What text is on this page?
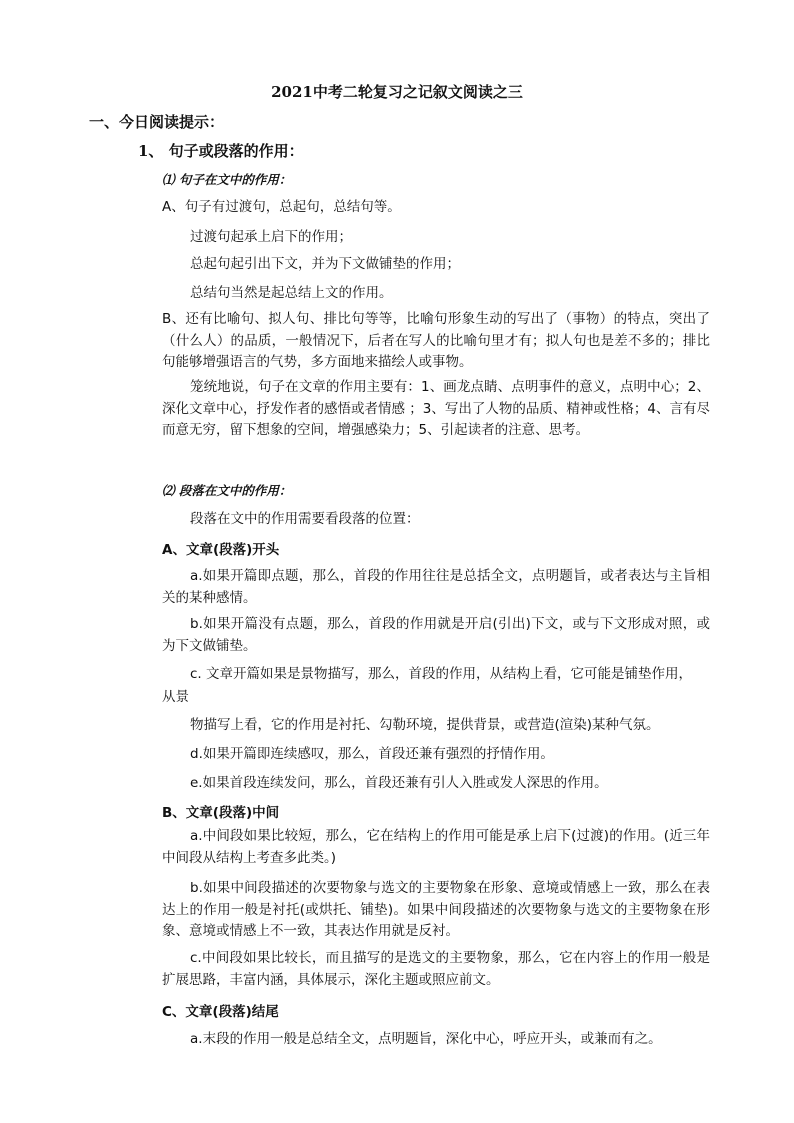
2021中考二轮复习之记叙文阅读之三
一、今日阅读提示：
1、 句子或段落的作用：
⑴ 句子在文中的作用：
A、句子有过渡句，总起句，总结句等。
过渡句起承上启下的作用；
总起句起引出下文，并为下文做铺垫的作用；
总结句当然是起总结上文的作用。
B、还有比喻句、拟人句、排比句等等，比喻句形象生动的写出了（事物）的特点，突出了（什么人）的品质，一般情况下，后者在写人的比喻句里才有；拟人句也是差不多的；排比句能够增强语言的气势，多方面地来描绘人或事物。
笼统地说，句子在文章的作用主要有：1、画龙点睛、点明事件的意义，点明中心；2、深化文章中心，抒发作者的感悟或者情感 ；3、写出了人物的品质、精神或性格；4、言有尽而意无穷，留下想象的空间，增强感染力；5、引起读者的注意、思考。
⑵ 段落在文中的作用：
段落在文中的作用需要看段落的位置：
A、文章(段落)开头
a.如果开篇即点题，那么，首段的作用往往是总括全文，点明题旨，或者表达与主旨相关的某种感情。
b.如果开篇没有点题，那么，首段的作用就是开启(引出)下文，或与下文形成对照，或为下文做铺垫。
c. 文章开篇如果是景物描写，那么，首段的作用，从结构上看，它可能是铺垫作用，
从景
物描写上看，它的作用是衬托、勾勒环境，提供背景，或营造(渲染)某种气氛。
d.如果开篇即连续感叹，那么，首段还兼有强烈的抒情作用。
e.如果首段连续发问，那么，首段还兼有引人入胜或发人深思的作用。
B、文章(段落)中间
a.中间段如果比较短，那么，它在结构上的作用可能是承上启下(过渡)的作用。(近三年中间段从结构上考查多此类。)
b.如果中间段描述的次要物象与选文的主要物象在形象、意境或情感上一致，那么在表达上的作用一般是衬托(或烘托、铺垫)。如果中间段描述的次要物象与选文的主要物象在形象、意境或情感上不一致，其表达作用就是反衬。
c.中间段如果比较长，而且描写的是选文的主要物象，那么，它在内容上的作用一般是扩展思路，丰富内涵，具体展示，深化主题或照应前文。
C、文章(段落)结尾
a.末段的作用一般是总结全文，点明题旨，深化中心，呼应开头，或兼而有之。
